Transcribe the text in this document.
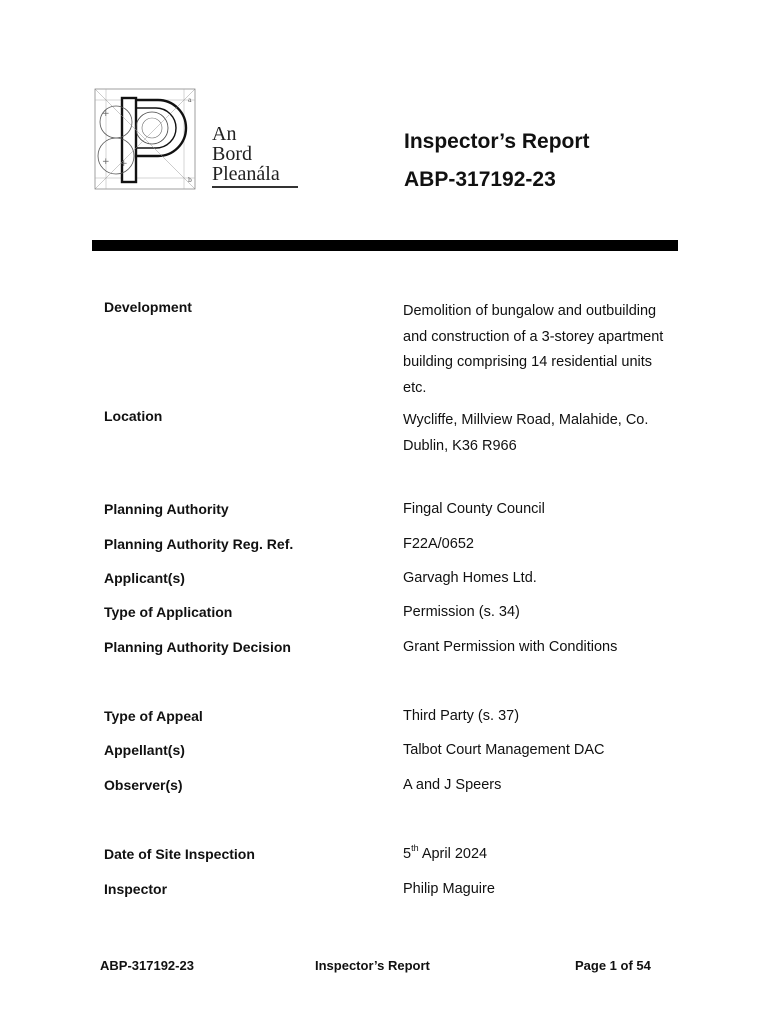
+
+ +
a
b
An
Bord
Pleanála

Inspector’s Report

ABP-317192-23

Development	Demolition of bungalow and outbuilding and construction of a 3-storey apartment building comprising 14 residential units etc.
Location	Wycliffe, Millview Road, Malahide, Co. Dublin, K36 R966
Planning Authority	Fingal County Council
Planning Authority Reg. Ref.	F22A/0652
Applicant(s)	Garvagh Homes Ltd.
Type of Application	Permission (s. 34)
Planning Authority Decision	Grant Permission with Conditions
Type of Appeal	Third Party (s. 37)
Appellant(s)	Talbot Court Management DAC
Observer(s)	A and J Speers
Date of Site Inspection	5th April 2024
Inspector	Philip Maguire
ABP-317192-23	Inspector’s Report	Page 1 of 54
